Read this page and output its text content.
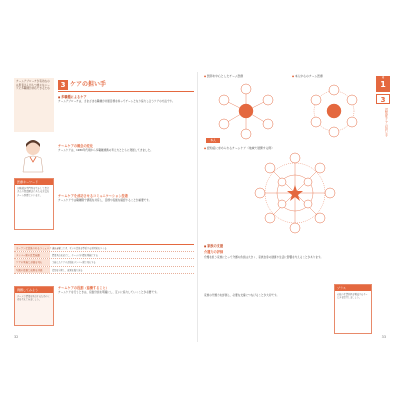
チームアプローチが有効なのは患者さんがもつ様々なニーズに多職種が対応できるため
医療キーワード
多職種が専門性を生かして患者さんの問題解決にあたる方法をチーム医療といいます。
3 ケアの担い手
■ 多職種によるケア
チームアプローチは、さまざまな職種が共通目標を持ってチームとなり協力し合うケアの方法です。
チームケアの概念の変化
チームケアは、1980年代頃から多職種連携の考え方とともに発展してきました。
チームケアを成功させるコミュニケーション技術
チームケアでは職種間で情報を共有し、目標や役割を確認することが重要です。
オープンな意見のあるコミュニケーション
誰もが発言でき、互いの意見を尊重する雰囲気をつくる
メンバー間の意思疎通	情報共有を密にし、チームの目標を明確にする
ケアの実施と評価を共有	実施したケアの評価をメンバー間で共有する
互換の役割と成果を評価	役割を分担し、成果を振り返る
例題してみよう
チームで情報を共有するための工夫を考えてみましょう。
チームケアの役割（協働すること）
チームケアを行うときは、役割分担を明確にし、互いに協力していくことが必要です。
32
第
1
3
認知症ケアの担い手
● 医師を中心としたチーム医療
●	本人中心のチーム医療
本人
● 認知症に求められるチームケア（地域で展開する例）
■ 家族の支援
介護力の評価
介護を担う家族にとって介護の負担は大きく、家族自身の健康や生活に影響を与えることがあります。
家族の介護力を評価し、必要な支援につなげることが大切です。
プラス
家族の介護負担を軽減するサービスを紹介しましょう。
33
